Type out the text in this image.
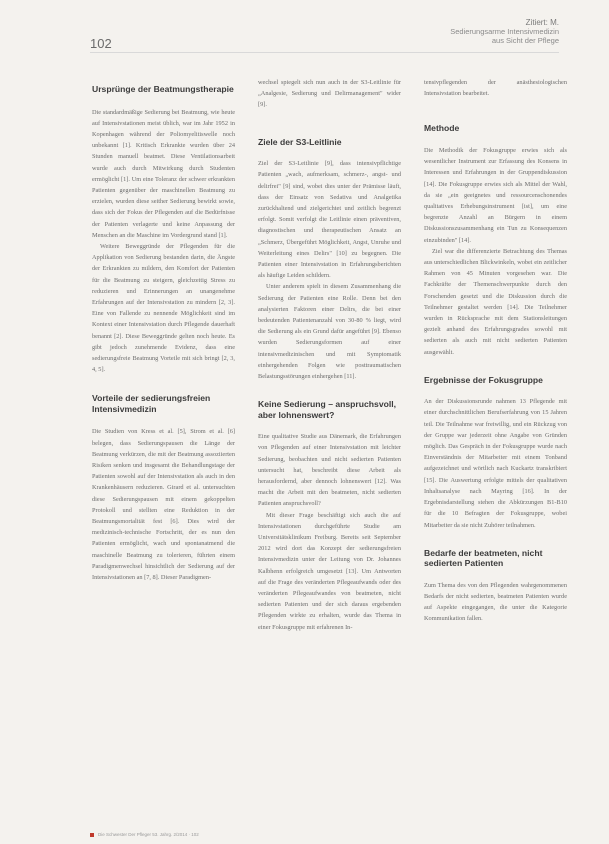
102
Zitiert: M.
Sedierungsarme Intensivmedizin
aus Sicht der Pflege
Ursprünge der Beatmungstherapie

Die standardmäßige Sedierung bei Beatmung, wie heute auf Intensivstationen meist üblich, war im Jahr 1952 in Kopenhagen während der Poliomyelitiswelle noch unbekannt [1]. Kritisch Erkrankte wurden über 24 Stunden manuell beatmet. Diese Ventilationsarbeit wurde auch durch Mitwirkung durch Studenten ermöglicht [1]. Um eine Toleranz der schwer erkrankten Patienten gegenüber der maschinellen Beatmung zu erzielen, wurden diese seither Sedierung bewirkt sowie, dass sich der Fokus der Pflegenden auf die Bedürfnisse der Patienten verlagerte und keine Anpassung der Menschen an die Maschine im Vordergrund stand [1].

Weitere Beweggründe der Pflegenden für die Applikation von Sedierung bestanden darin, die Ängste der Erkrankten zu mildern, den Komfort der Patienten für die Beatmung zu steigern, gleichzeitig Stress zu reduzieren und Erinnerungen an unangenehme Erfahrungen auf der Intensivstation zu mindern [2, 3]. Eine von Fallende zu nennende Möglichkeit sind im Kontext einer Intensivstation durch Pflegende dauerhaft benannt [2]. Diese Beweggründe gelten noch heute. Es gibt jedoch zunehmende Evidenz, dass eine sedierungsfreie Beatmung Vorteile mit sich bringt [2, 3, 4, 5].

Vorteile der sedierungsfreien Intensivmedizin

Die Studien von Kress et al. [5], Strom et al. [6] belegen, dass Sedierungspausen die Länge der Beatmung verkürzen, die mit der Beatmung assoziierten Risiken senken und insgesamt die Behandlungstage der Patienten sowohl auf der Intensivstation als auch in den Krankenhäusern reduzieren. Girard et al. untersuchten diese Sedierungspausen mit einem gekoppelten Protokoll und stellten eine Reduktion in der Beatmungsmortalität fest [6]. Dies wird der medizinisch-technische Fortschritt, der es nun den Patienten ermöglicht, wach und spontanatmend die maschinelle Beatmung zu tolerieren, führten einem Paradigmenwechsel hinsichtlich der Sedierung auf der Intensivstationen an [7, 8]. Dieser Paradigmen-

wechsel spiegelt sich nun auch in der S3-Leitlinie für „Analgesie, Sedierung und Delirmanagement" wider [9].

Ziele der S3-Leitlinie

Ziel der S3-Leitlinie [9], dass intensivpflichtige Patienten „wach, aufmerksam, schmerz-, angst- und delirfrei" [9] sind, wobei dies unter der Prämisse läuft, dass der Einsatz von Sedativa und Analgetika zurückhaltend und zielgerichtet und zeitlich begrenzt erfolgt. Somit verfolgt die Leitlinie einen präventiven, diagnostischen und therapeutischen Ansatz an „Schmerz, Übergeführt Möglichkeit, Angst, Unruhe und Weiterleitung eines Delirs" [10] zu begegnen. Die Patienten einer Intensivstation in Erfahrungsberichten als häufige Leiden schildern.

Unter anderem spielt in diesem Zusammenhang die Sedierung der Patienten eine Rolle. Denn bei den analysierten Faktoren einer Delirs, die bei einer bedeutenden Patientenanzahl von 30-80 % liegt, wird die Sedierung als ein Grund dafür angeführt [9]. Ebenso wurden Sedierungsformen auf einer intensivmedizinischen und mit Symptomatik einhergehenden Folgen wie posttraumatischen Belastungsstörungen einhergehen [11].

Keine Sedierung – anspruchsvoll, aber lohnenswert?

Eine qualitative Studie aus Dänemark, die Erfahrungen von Pflegenden auf einer Intensivstation mit leichter Sedierung, beobachten und nicht sedierten Patienten untersucht hat, beschreibt diese Arbeit als herausfordernd, aber dennoch lohnenswert [12]. Was macht die Arbeit mit den beatmeten, nicht sedierten Patienten anspruchsvoll?

Mit dieser Frage beschäftigt sich auch die auf Intensivstationen durchgeführte Studie am Universitätsklinikum Freiburg. Bereits seit September 2012 wird dort das Konzept der sedierungsfreien Intensivmedizin unter der Leitung von Dr. Johannes Kalbhenn erfolgreich umgesetzt [13]. Um Antworten auf die Frage des veränderten Pflegeaufwands oder des veränderten Pflegeaufwandes von beatmeten, nicht sedierten Patienten und der sich daraus ergebenden Pflegenden wirkte zu erhalten, wurde das Thema in einer Fokusgruppe mit erfahrenen In-

tensivpflegenden der anästhesiologischen Intensivstation bearbeitet.

Methode

Die Methodik der Fokusgruppe erwies sich als wesentlicher Instrument zur Erfassung des Konsens in Interessen und Erfahrungen in der Gruppendiskussion [14]. Die Fokusgruppe erwies sich als Mittel der Wahl, da sie „ein geeignetes und ressourcenschonendes qualitatives Erhebungsinstrument [ist], um eine begrenzte Anzahl an Bürgern in einem Diskussionszusammenhang ein Tun zu Konsequenzen einzubinden" [14].

Ziel war die differenzierte Betrachtung des Themas aus unterschiedlichen Blickwinkeln, wobei ein zeitlicher Rahmen von 45 Minuten vorgesehen war. Die Fachkräfte der Themenschwerpunkte durch den Forschenden gesetzt und die Diskussion durch die Teilnehmer gestaltet werden [14]. Die Teilnehmer wurden in Rücksprache mit dem Stationsleitungen gezielt anhand des Erfahrungsgrades sowohl mit sedierten als auch mit nicht sedierten Patienten ausgewählt.

Ergebnisse der Fokusgruppe

An der Diskussionsrunde nahmen 13 Pflegende mit einer durchschnittlichen Berufserfahrung von 15 Jahren teil. Die Teilnahme war freiwillig, und ein Rückzug von der Gruppe war jederzeit ohne Angabe von Gründen möglich. Das Gespräch in der Fokusgruppe wurde nach Einverständnis der Mitarbeiter mit einem Tonband aufgezeichnet und wörtlich nach Kuckartz transkribiert [15]. Die Auswertung erfolgte mittels der qualitativen Inhaltsanalyse nach Mayring [16]. In der Ergebnisdarstellung stehen die Abkürzungen B1-B10 für die 10 Befragten der Fokusgruppe, wobei Mitarbeiter da sie nicht Zuhörer teilnahmen.

Bedarfe der beatmeten, nicht sedierten Patienten

Zum Thema des von den Pflegenden wahrgenommenen Bedarfs der nicht sedierten, beatmeten Patienten wurde auf Aspekte eingegangen, die unter die Kategorie Kommunikation fallen.

Die Schwester Der Pfleger 53. Jahrg. 2/2014 · 102
